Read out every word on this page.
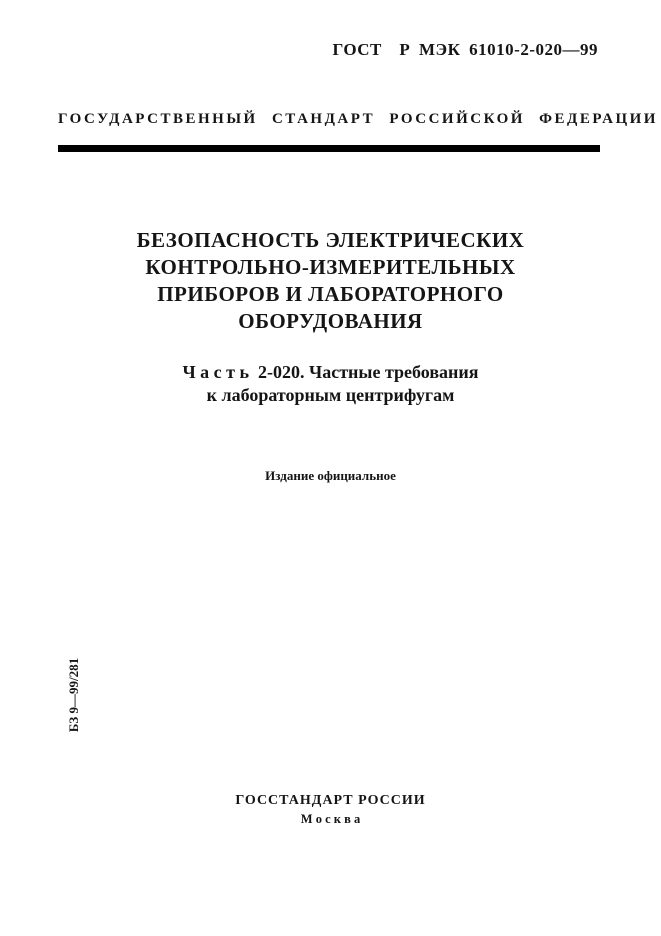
ГОСТ  Р МЭК 61010-2-020—99
ГОСУДАРСТВЕННЫЙ СТАНДАРТ РОССИЙСКОЙ ФЕДЕРАЦИИ
БЕЗОПАСНОСТЬ ЭЛЕКТРИЧЕСКИХ
КОНТРОЛЬНО-ИЗМЕРИТЕЛЬНЫХ
ПРИБОРОВ И ЛАБОРАТОРНОГО
ОБОРУДОВАНИЯ
Ч а с т ь  2-020. Частные требования
к лабораторным центрифугам
Издание официальное
БЗ 9—99/281
ГОССТАНДАРТ РОССИИ
М о с к в а
